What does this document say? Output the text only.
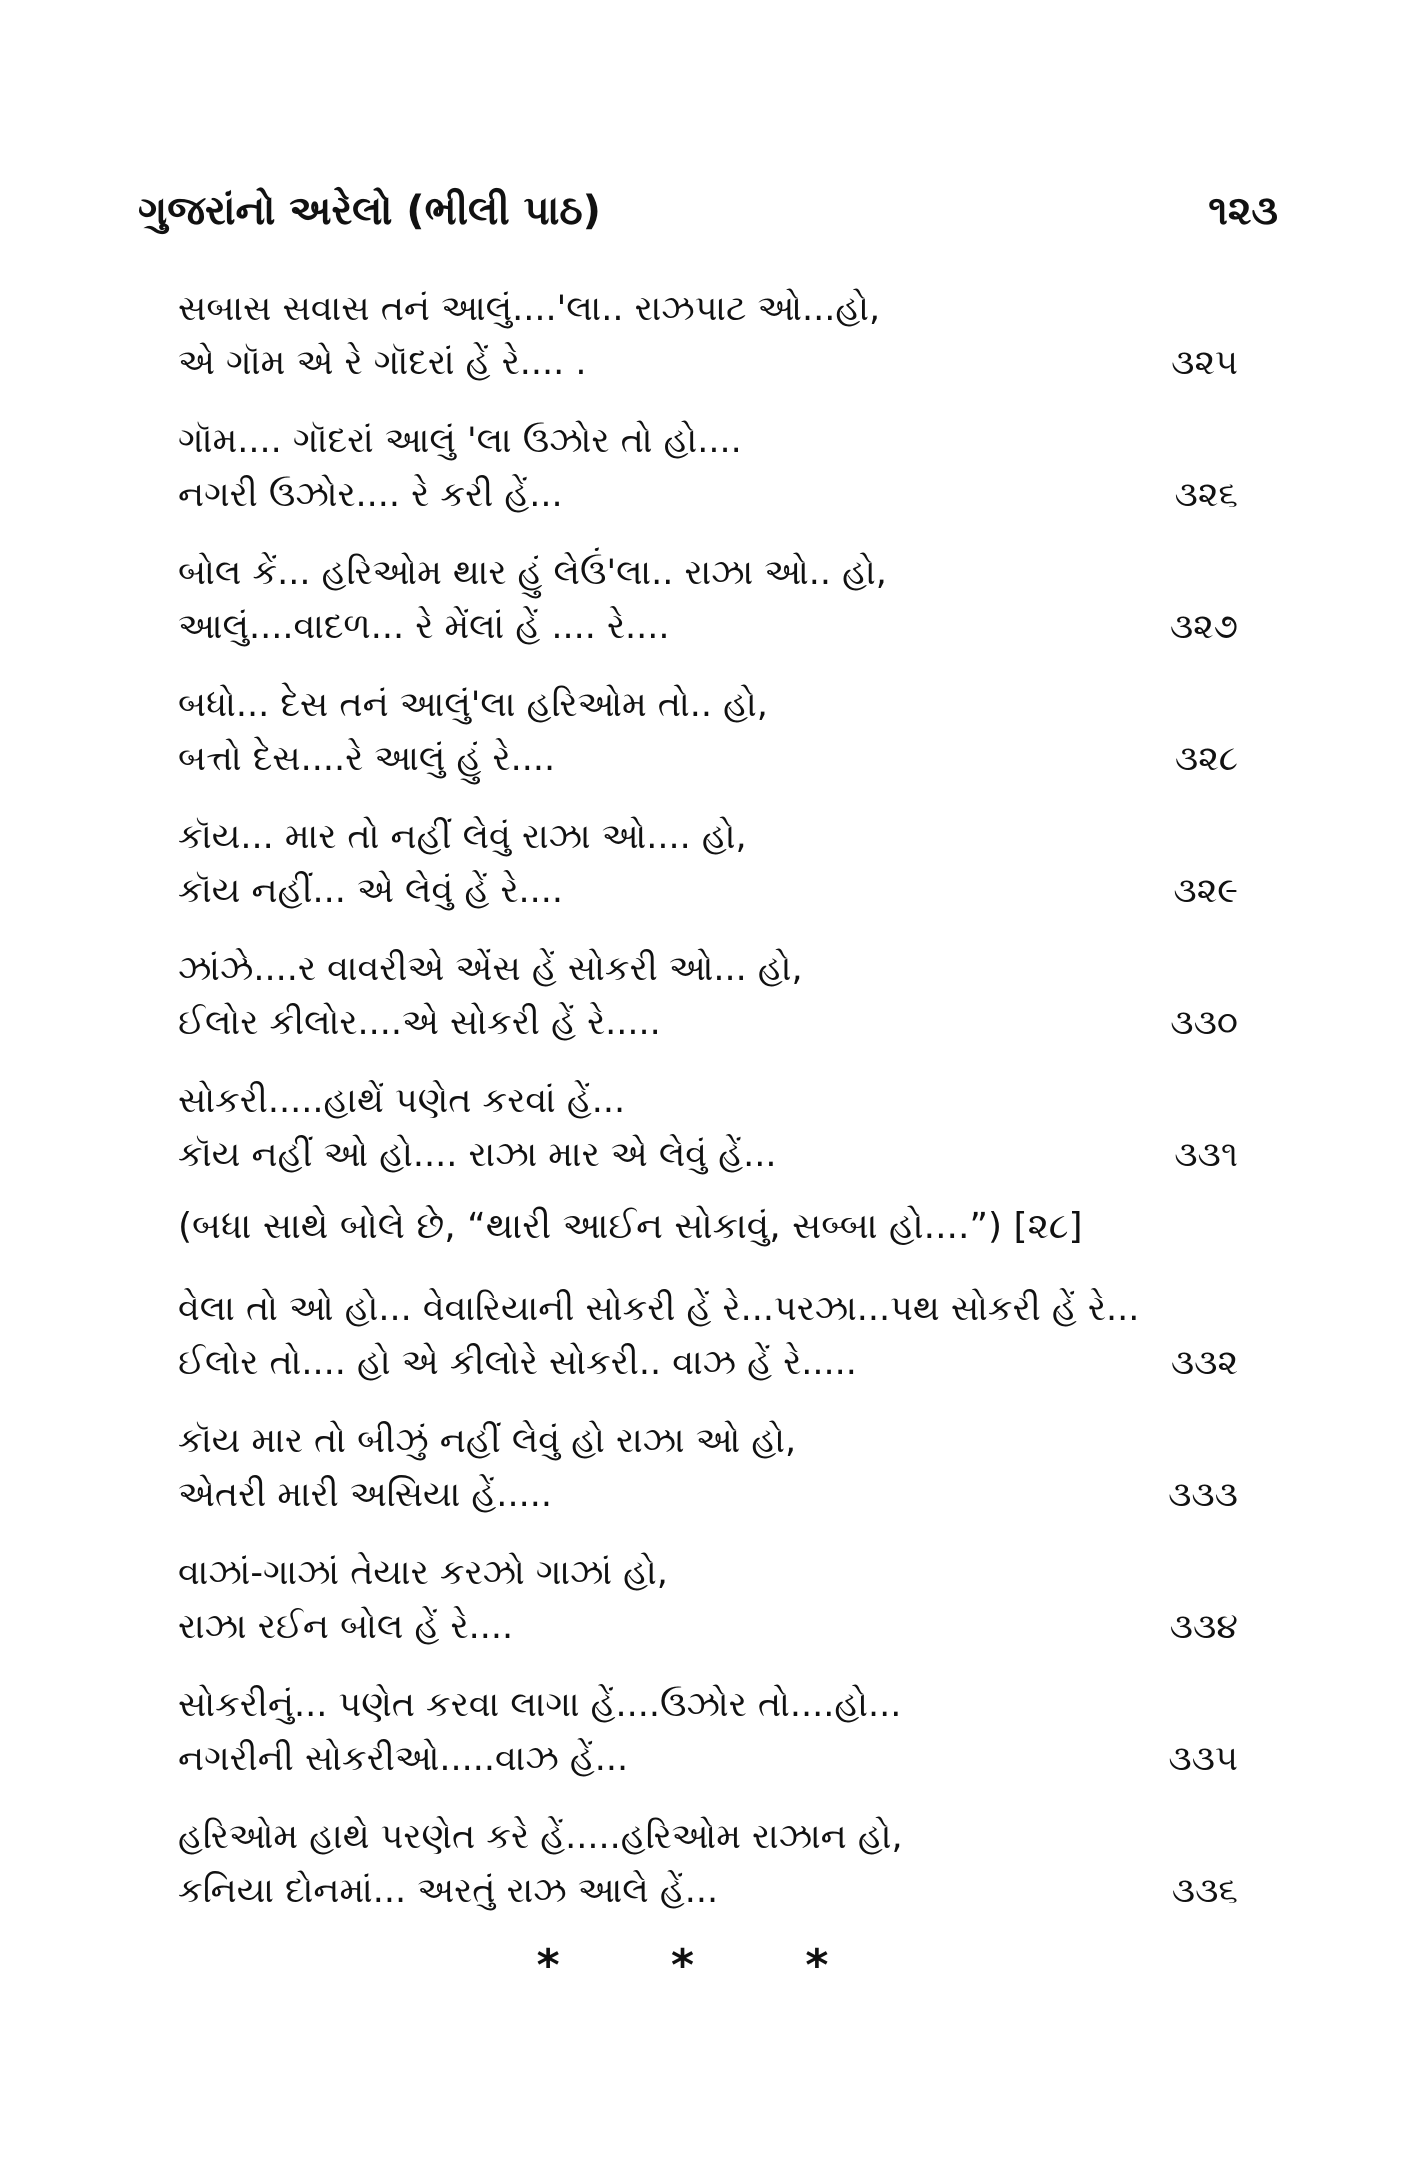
ગુજરાંનો અરેલો (ભીલી પાઠ)	૧૨૩
સબાસ સવાસ તનં આલું....'લા.. રાઝપાટ ઓ...હો,
એ ગૉમ એ રે ગૉદરાં હેં રે.... .	૩૨૫
ગૉમ.... ગૉદરાં આલું 'લા ઉઝોર તો હો....
નગરી ઉઝોર.... રે કરી હેં...	૩૨૬
બોલ કેં... હરિઓમ થાર હું લેઉં'લા.. રાઝા ઓ.. હો,
આલું....વાદળ... રે મેંલાં હેં .... રે....	૩૨૭
બધો... દેસ તનં આલું'લા હરિઓમ તો.. હો,
બત્તો દેસ....રે આલું હું રે....	૩૨૮
કૉય... માર તો નહીં લેવું રાઝા ઓ.... હો,
કૉય નહીં... એ લેવું હેં રે....	૩૨૯
ઝાંઝે....ર વાવરીએ એંસ હેં સોકરી ઓ... હો,
ઈલોર કીલોર....એ સોકરી હેં રે.....	૩૩૦
સોકરી.....હાથેં પણેત કરવાં હેં...
કૉય નહીં ઓ હો.... રાઝા માર એ લેવું હેં...	૩૩૧
(બધા સાથે બોલે છે, “થારી આઈન સોકાવું, સબ્બા હો....”) [૨૮]
વેલા તો ઓ હો... વેવારિયાની સોકરી હેં રે...પરઝા...પથ સોકરી હેં રે...
ઈલોર તો.... હો એ કીલોરે સોકરી.. વાઝ હેં રે.....	૩૩૨
કૉય માર તો બીઝું નહીં લેવું હો રાઝા ઓ હો,
એતરી મારી અસિયા હેં.....	૩૩૩
વાઝાં-ગાઝાં તેયાર કરઝો ગાઝાં હો,
રાઝા રઈન બોલ હેં રે....	૩૩૪
સોકરીનું... પણેત કરવા લાગા હેં....ઉઝોર તો....હો...
નગરીની સોકરીઓ.....વાઝ હેં...	૩૩૫
હરિઓમ હાથે પરણેત કરે હેં.....હરિઓમ રાઝાન હો,
કનિયા દોનમાં... અરતું રાઝ આલે હેં...	૩૩૬
* * *
